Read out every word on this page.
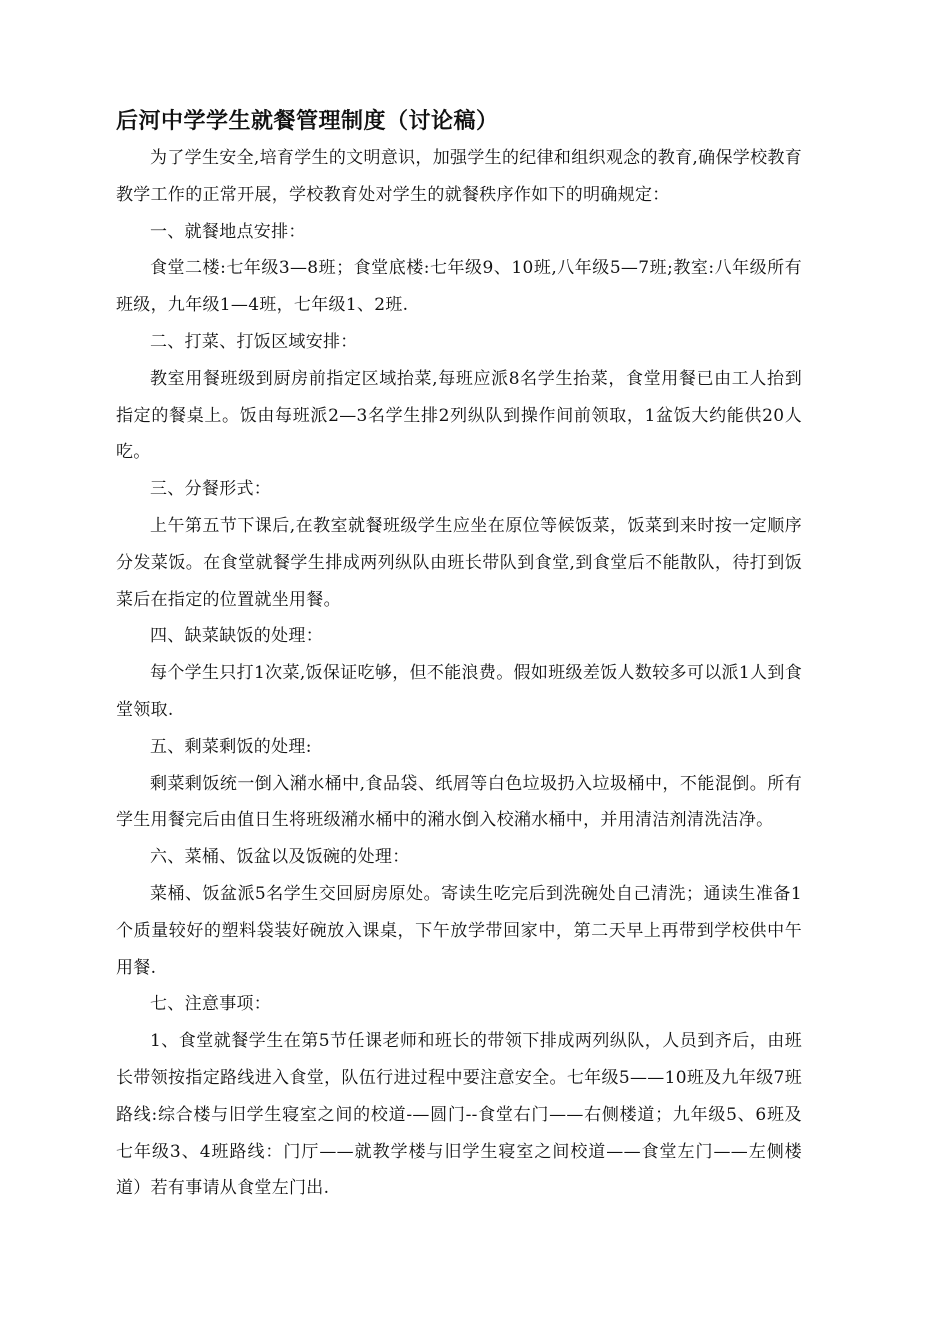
后河中学学生就餐管理制度（讨论稿）

为了学生安全,培育学生的文明意识，加强学生的纪律和组织观念的教育,确保学校教育教学工作的正常开展，学校教育处对学生的就餐秩序作如下的明确规定：

一、就餐地点安排：

食堂二楼:七年级3—8班；食堂底楼:七年级9、10班,八年级5—7班;教室:八年级所有班级，九年级1—4班，七年级1、2班.

二、打菜、打饭区域安排：

教室用餐班级到厨房前指定区域抬菜,每班应派8名学生抬菜，食堂用餐已由工人抬到指定的餐桌上。饭由每班派2—3名学生排2列纵队到操作间前领取，1盆饭大约能供20人吃。

三、分餐形式：

上午第五节下课后,在教室就餐班级学生应坐在原位等候饭菜，饭菜到来时按一定顺序分发菜饭。在食堂就餐学生排成两列纵队由班长带队到食堂,到食堂后不能散队，待打到饭菜后在指定的位置就坐用餐。

四、缺菜缺饭的处理：

每个学生只打1次菜,饭保证吃够，但不能浪费。假如班级差饭人数较多可以派1人到食堂领取.

五、剩菜剩饭的处理:

剩菜剩饭统一倒入潲水桶中,食品袋、纸屑等白色垃圾扔入垃圾桶中，不能混倒。所有学生用餐完后由值日生将班级潲水桶中的潲水倒入校潲水桶中，并用清洁剂清洗洁净。

六、菜桶、饭盆以及饭碗的处理：

菜桶、饭盆派5名学生交回厨房原处。寄读生吃完后到洗碗处自己清洗；通读生准备1个质量较好的塑料袋装好碗放入课桌，下午放学带回家中，第二天早上再带到学校供中午用餐.

七、注意事项：

1、食堂就餐学生在第5节任课老师和班长的带领下排成两列纵队，人员到齐后，由班长带领按指定路线进入食堂，队伍行进过程中要注意安全。七年级5——10班及九年级7班路线:综合楼与旧学生寝室之间的校道-—圆门--食堂右门——右侧楼道；九年级5、6班及七年级3、4班路线：门厅——就教学楼与旧学生寝室之间校道——食堂左门——左侧楼道）若有事请从食堂左门出.
